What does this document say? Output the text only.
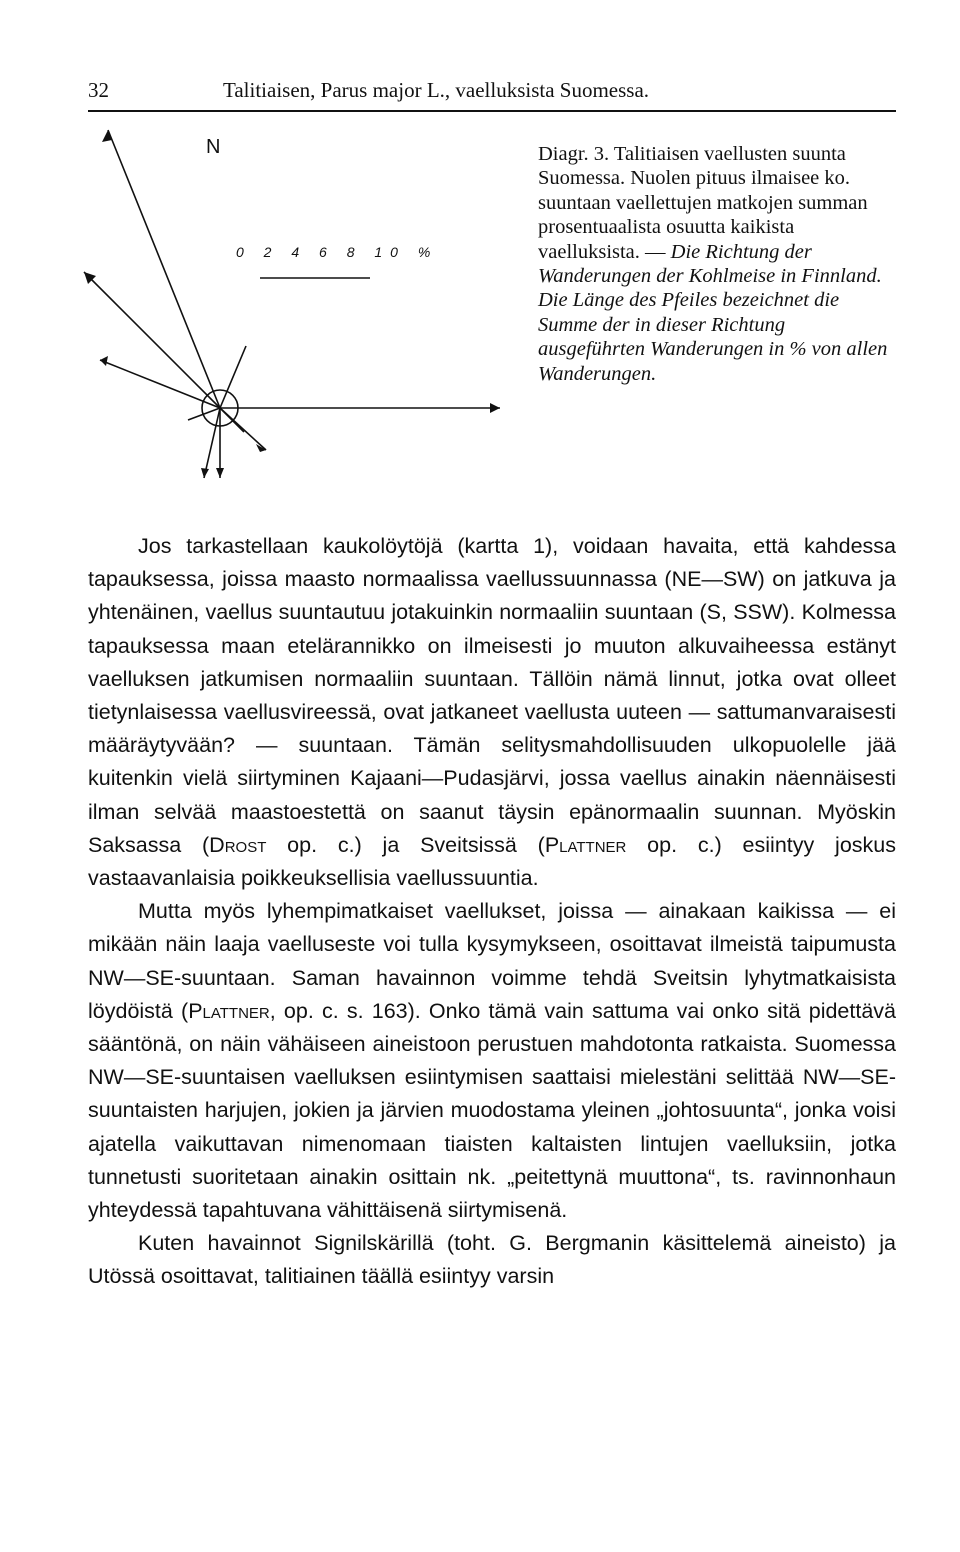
32	Talitiaisen, Parus major L., vaelluksista Suomessa.
N
0 2 4 6 8 10 %
Diagr. 3. Talitiaisen vaellusten suunta Suomessa. Nuolen pituus ilmaisee ko. suuntaan vaellettujen matkojen summan prosentuaalista osuutta kaikista vaelluksista. — Die Richtung der Wanderungen der Kohlmeise in Finnland. Die Länge des Pfeiles bezeichnet die Summe der in dieser Richtung ausgeführten Wanderungen in % von allen Wanderungen.

Jos tarkastellaan kaukolöytöjä (kartta 1), voidaan havaita, että kahdessa tapauksessa, joissa maasto normaalissa vaellussuunnassa (NE—SW) on jatkuva ja yhtenäinen, vaellus suuntautuu jotakuinkin normaaliin suuntaan (S, SSW). Kolmessa tapauksessa maan etelärannikko on ilmeisesti jo muuton alkuvaiheessa estänyt vaelluksen jatkumisen normaaliin suuntaan. Tällöin nämä linnut, jotka ovat olleet tietynlaisessa vaellusvireessä, ovat jatkaneet vaellusta uuteen — sattumanvaraisesti määräytyvään? — suuntaan. Tämän selitysmahdollisuuden ulkopuolelle jää kuitenkin vielä siirtyminen Kajaani—Pudasjärvi, jossa vaellus ainakin näennäisesti ilman selvää maastoestettä on saanut täysin epänormaalin suunnan. Myöskin Saksassa (Drost op. c.) ja Sveitsissä (Plattner op. c.) esiintyy joskus vastaavanlaisia poikkeuksellisia vaellussuuntia.

Mutta myös lyhempimatkaiset vaellukset, joissa — ainakaan kaikissa — ei mikään näin laaja vaelluseste voi tulla kysymykseen, osoittavat ilmeistä taipumusta NW—SE-suuntaan. Saman havainnon voimme tehdä Sveitsin lyhytmatkaisista löydöistä (Plattner, op. c. s. 163). Onko tämä vain sattuma vai onko sitä pidettävä sääntönä, on näin vähäiseen aineistoon perustuen mahdotonta ratkaista. Suomessa NW—SE-suuntaisen vaelluksen esiintymisen saattaisi mielestäni selittää NW—SE-suuntaisten harjujen, jokien ja järvien muodostama yleinen „johtosuunta“, jonka voisi ajatella vaikuttavan nimenomaan tiaisten kaltaisten lintujen vaelluksiin, jotka tunnetusti suoritetaan ainakin osittain nk. „peitettynä muuttona“, ts. ravinnonhaun yhteydessä tapahtuvana vähittäisenä siirtymisenä.

Kuten havainnot Signilskärillä (toht. G. Bergmanin käsittelemä aineisto) ja Utössä osoittavat, talitiainen täällä esiintyy varsin
